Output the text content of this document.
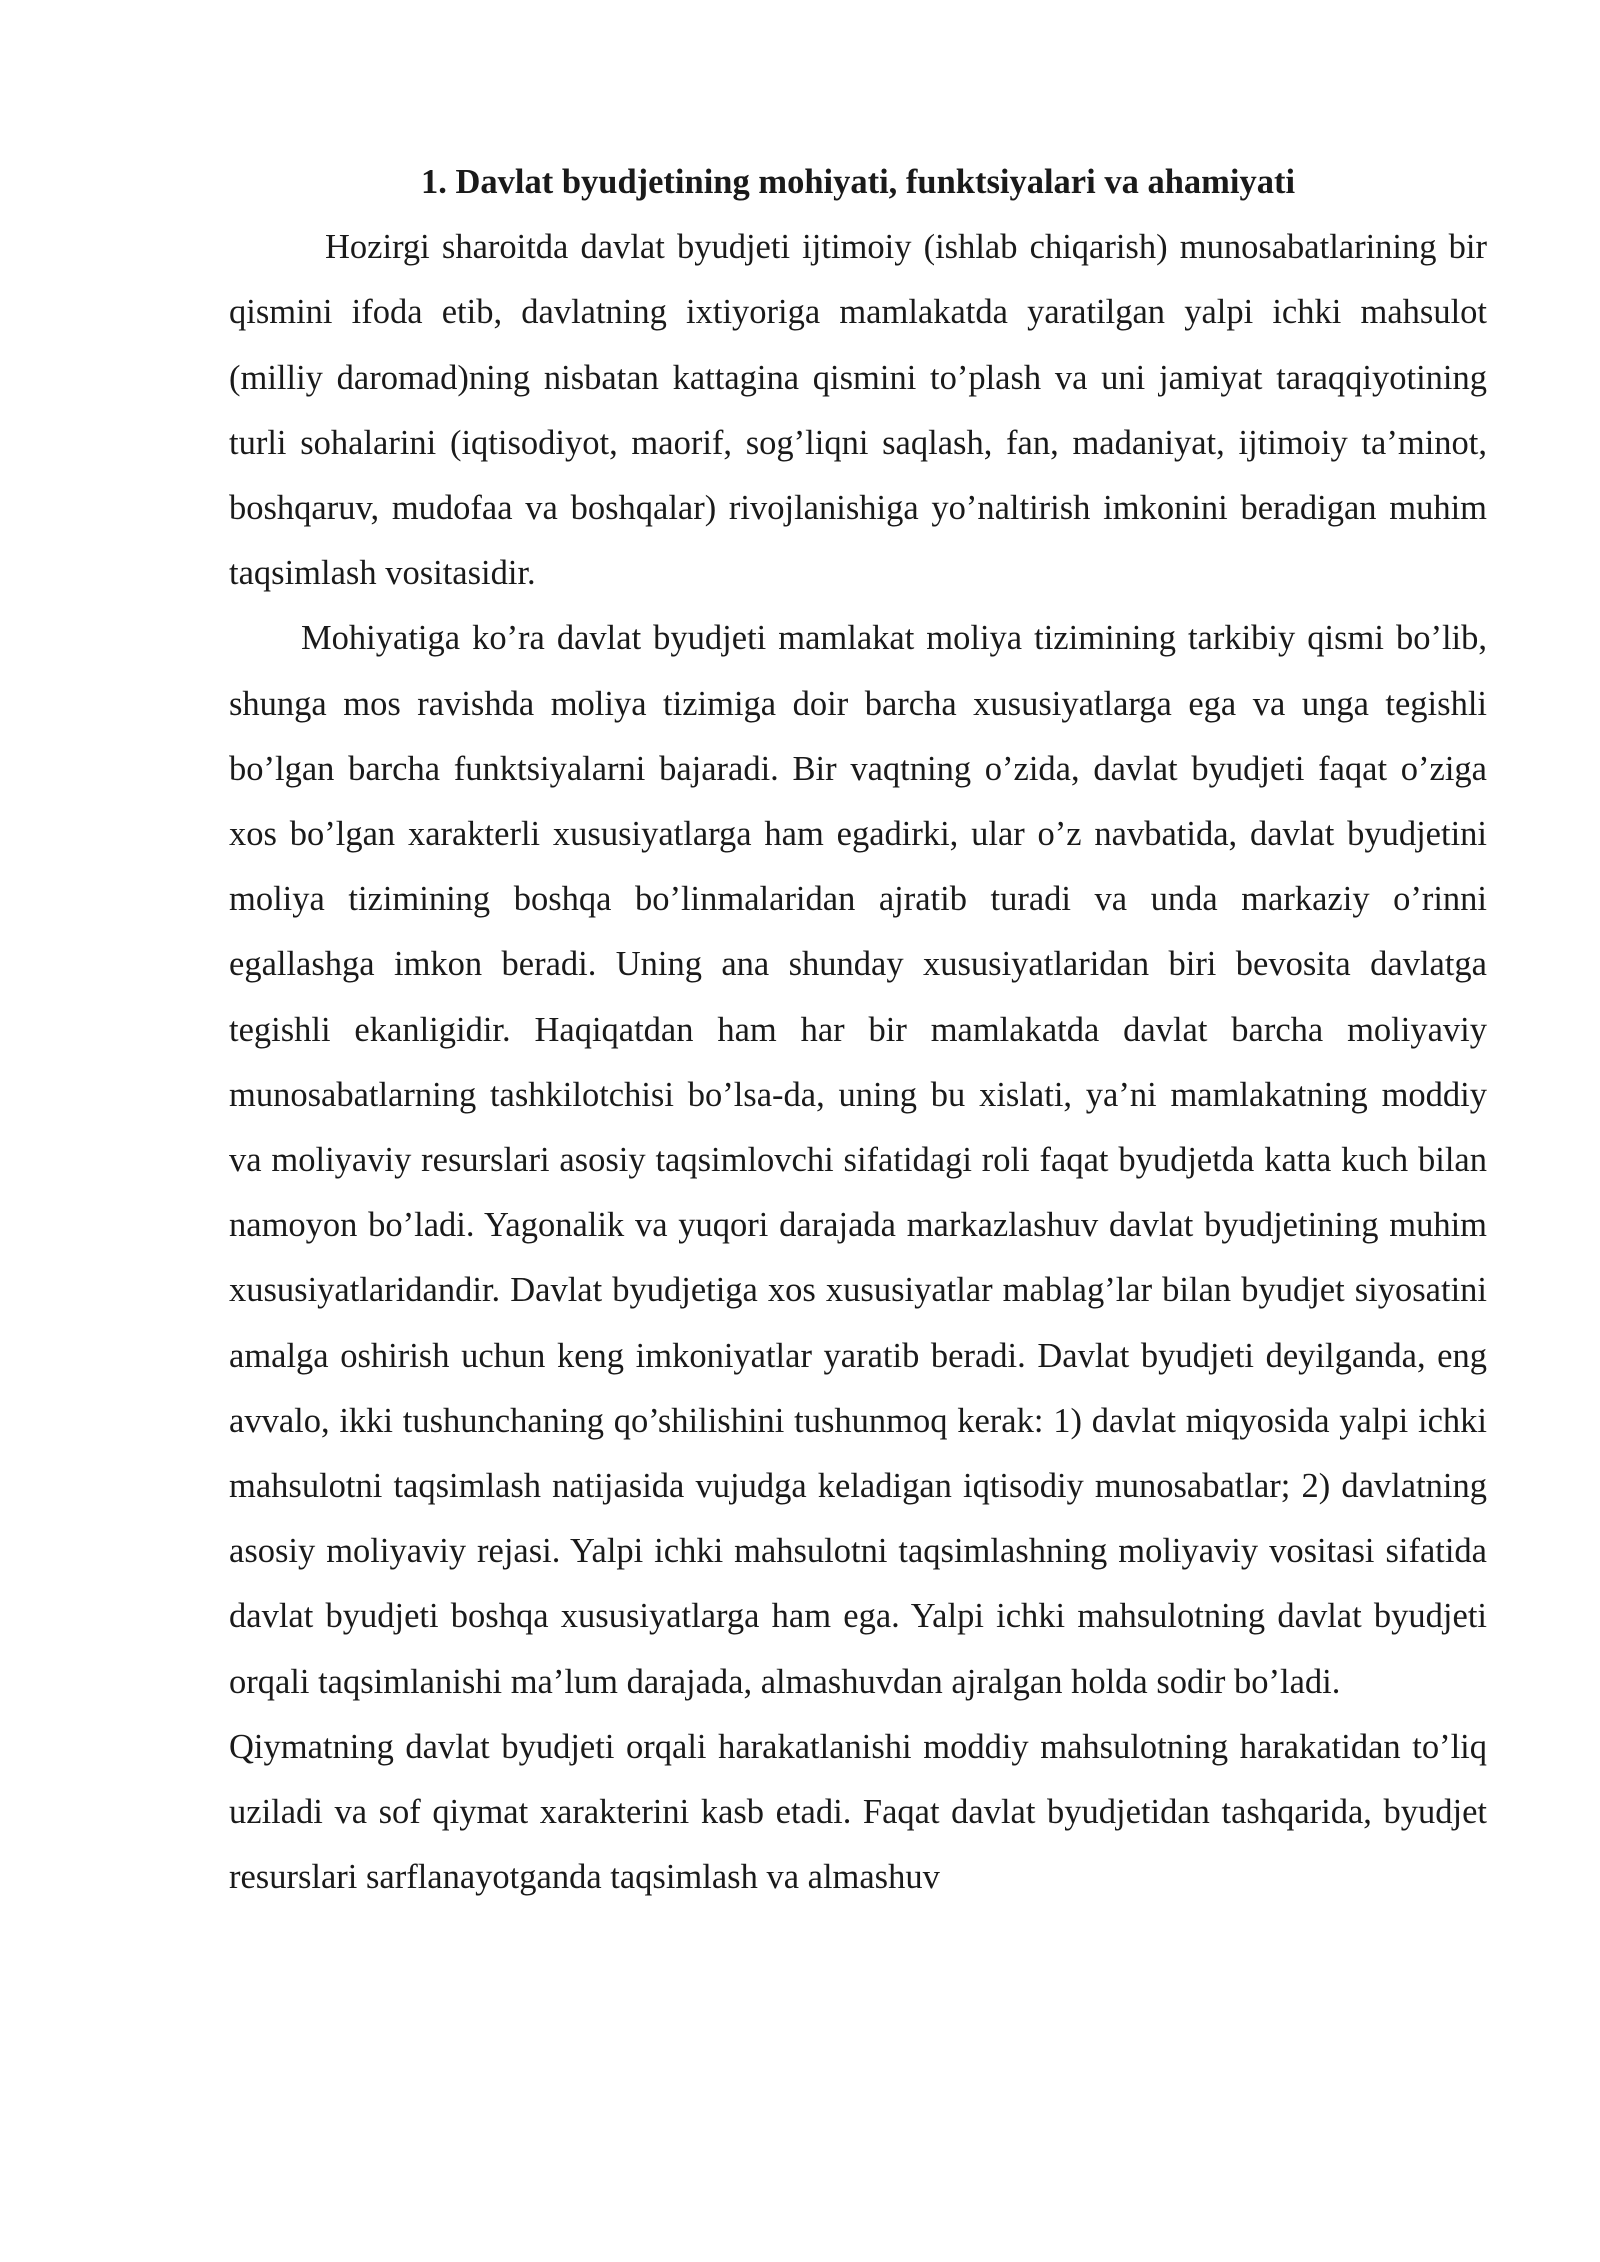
1. Davlat byudjetining mohiyati, funktsiyalari va ahamiyati

Hozirgi sharoitda davlat byudjeti ijtimoiy (ishlab chiqarish) munosabatlarining bir qismini ifoda etib, davlatning ixtiyoriga mamlakatda yaratilgan yalpi ichki mahsulot (milliy daromad)ning nisbatan kattagina qismini to’plash va uni jamiyat taraqqiyotining turli sohalarini (iqtisodiyot, maorif, sog’liqni saqlash, fan, madaniyat, ijtimoiy ta’minot, boshqaruv, mudofaa va boshqalar) rivojlanishiga yo’naltirish imkonini beradigan muhim taqsimlash vositasidir.

Mohiyatiga ko’ra davlat byudjeti mamlakat moliya tizimining tarkibiy qismi bo’lib, shunga mos ravishda moliya tizimiga doir barcha xususiyatlarga ega va unga tegishli bo’lgan barcha funktsiyalarni bajaradi. Bir vaqtning o’zida, davlat byudjeti faqat o’ziga xos bo’lgan xarakterli xususiyatlarga ham egadirki, ular o’z navbatida, davlat byudjetini moliya tizimining boshqa bo’linmalaridan ajratib turadi va unda markaziy o’rinni egallashga imkon beradi. Uning ana shunday xususiyatlaridan biri bevosita davlatga tegishli ekanligidir. Haqiqatdan ham har bir mamlakatda davlat barcha moliyaviy munosabatlarning tashkilotchisi bo’lsa-da, uning bu xislati, ya’ni mamlakatning moddiy va moliyaviy resurslari asosiy taqsimlovchi sifatidagi roli faqat byudjetda katta kuch bilan namoyon bo’ladi. Yagonalik va yuqori darajada markazlashuv davlat byudjetining muhim xususiyatlaridandir. Davlat byudjetiga xos xususiyatlar mablag’lar bilan byudjet siyosatini amalga oshirish uchun keng imkoniyatlar yaratib beradi. Davlat byudjeti deyilganda, eng avvalo, ikki tushunchaning qo’shilishini tushunmoq kerak: 1) davlat miqyosida yalpi ichki mahsulotni taqsimlash natijasida vujudga keladigan iqtisodiy munosabatlar; 2) davlatning asosiy moliyaviy rejasi. Yalpi ichki mahsulotni taqsimlashning moliyaviy vositasi sifatida davlat byudjeti boshqa xususiyatlarga ham ega. Yalpi ichki mahsulotning davlat byudjeti orqali taqsimlanishi ma’lum darajada, almashuvdan ajralgan holda sodir bo’ladi.

Qiymatning davlat byudjeti orqali harakatlanishi moddiy mahsulotning harakatidan to’liq uziladi va sof qiymat xarakterini kasb etadi. Faqat davlat byudjetidan tashqarida, byudjet resurslari sarflanayotganda taqsimlash va almashuv
